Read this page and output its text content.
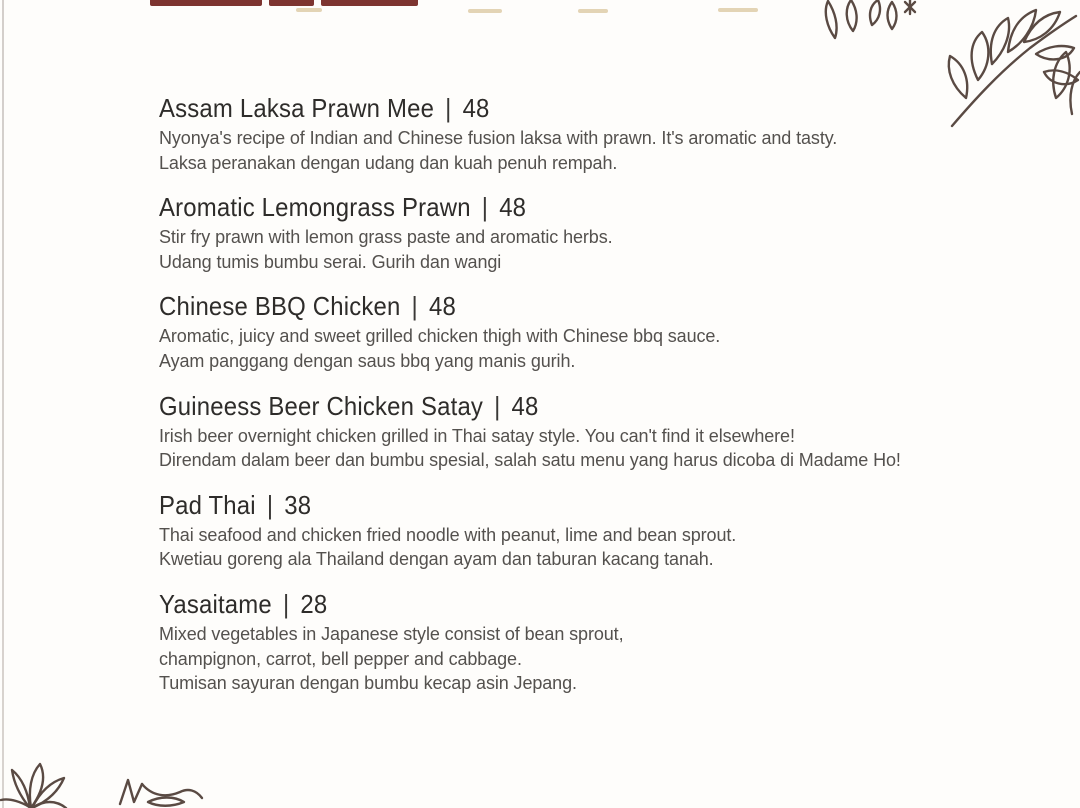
Assam Laksa Prawn Mee | 48
Nyonya's recipe of Indian and Chinese fusion laksa with prawn. It's aromatic and tasty.
Laksa peranakan dengan udang dan kuah penuh rempah.
Aromatic Lemongrass Prawn | 48
Stir fry prawn with lemon grass paste and aromatic herbs.
Udang tumis bumbu serai. Gurih dan wangi
Chinese BBQ Chicken | 48
Aromatic, juicy and sweet grilled chicken thigh with Chinese bbq sauce.
Ayam panggang dengan saus bbq yang manis gurih.
Guineess Beer Chicken Satay | 48
Irish beer overnight chicken grilled in Thai satay style. You can't find it elsewhere!
Direndam dalam beer dan bumbu spesial, salah satu menu yang harus dicoba di Madame Ho!
Pad Thai | 38
Thai seafood and chicken fried noodle with peanut, lime and bean sprout.
Kwetiau goreng ala Thailand dengan ayam dan taburan kacang tanah.
Yasaitame | 28
Mixed vegetables in Japanese style consist of bean sprout,
champignon, carrot, bell pepper and cabbage.
Tumisan sayuran dengan bumbu kecap asin Jepang.
